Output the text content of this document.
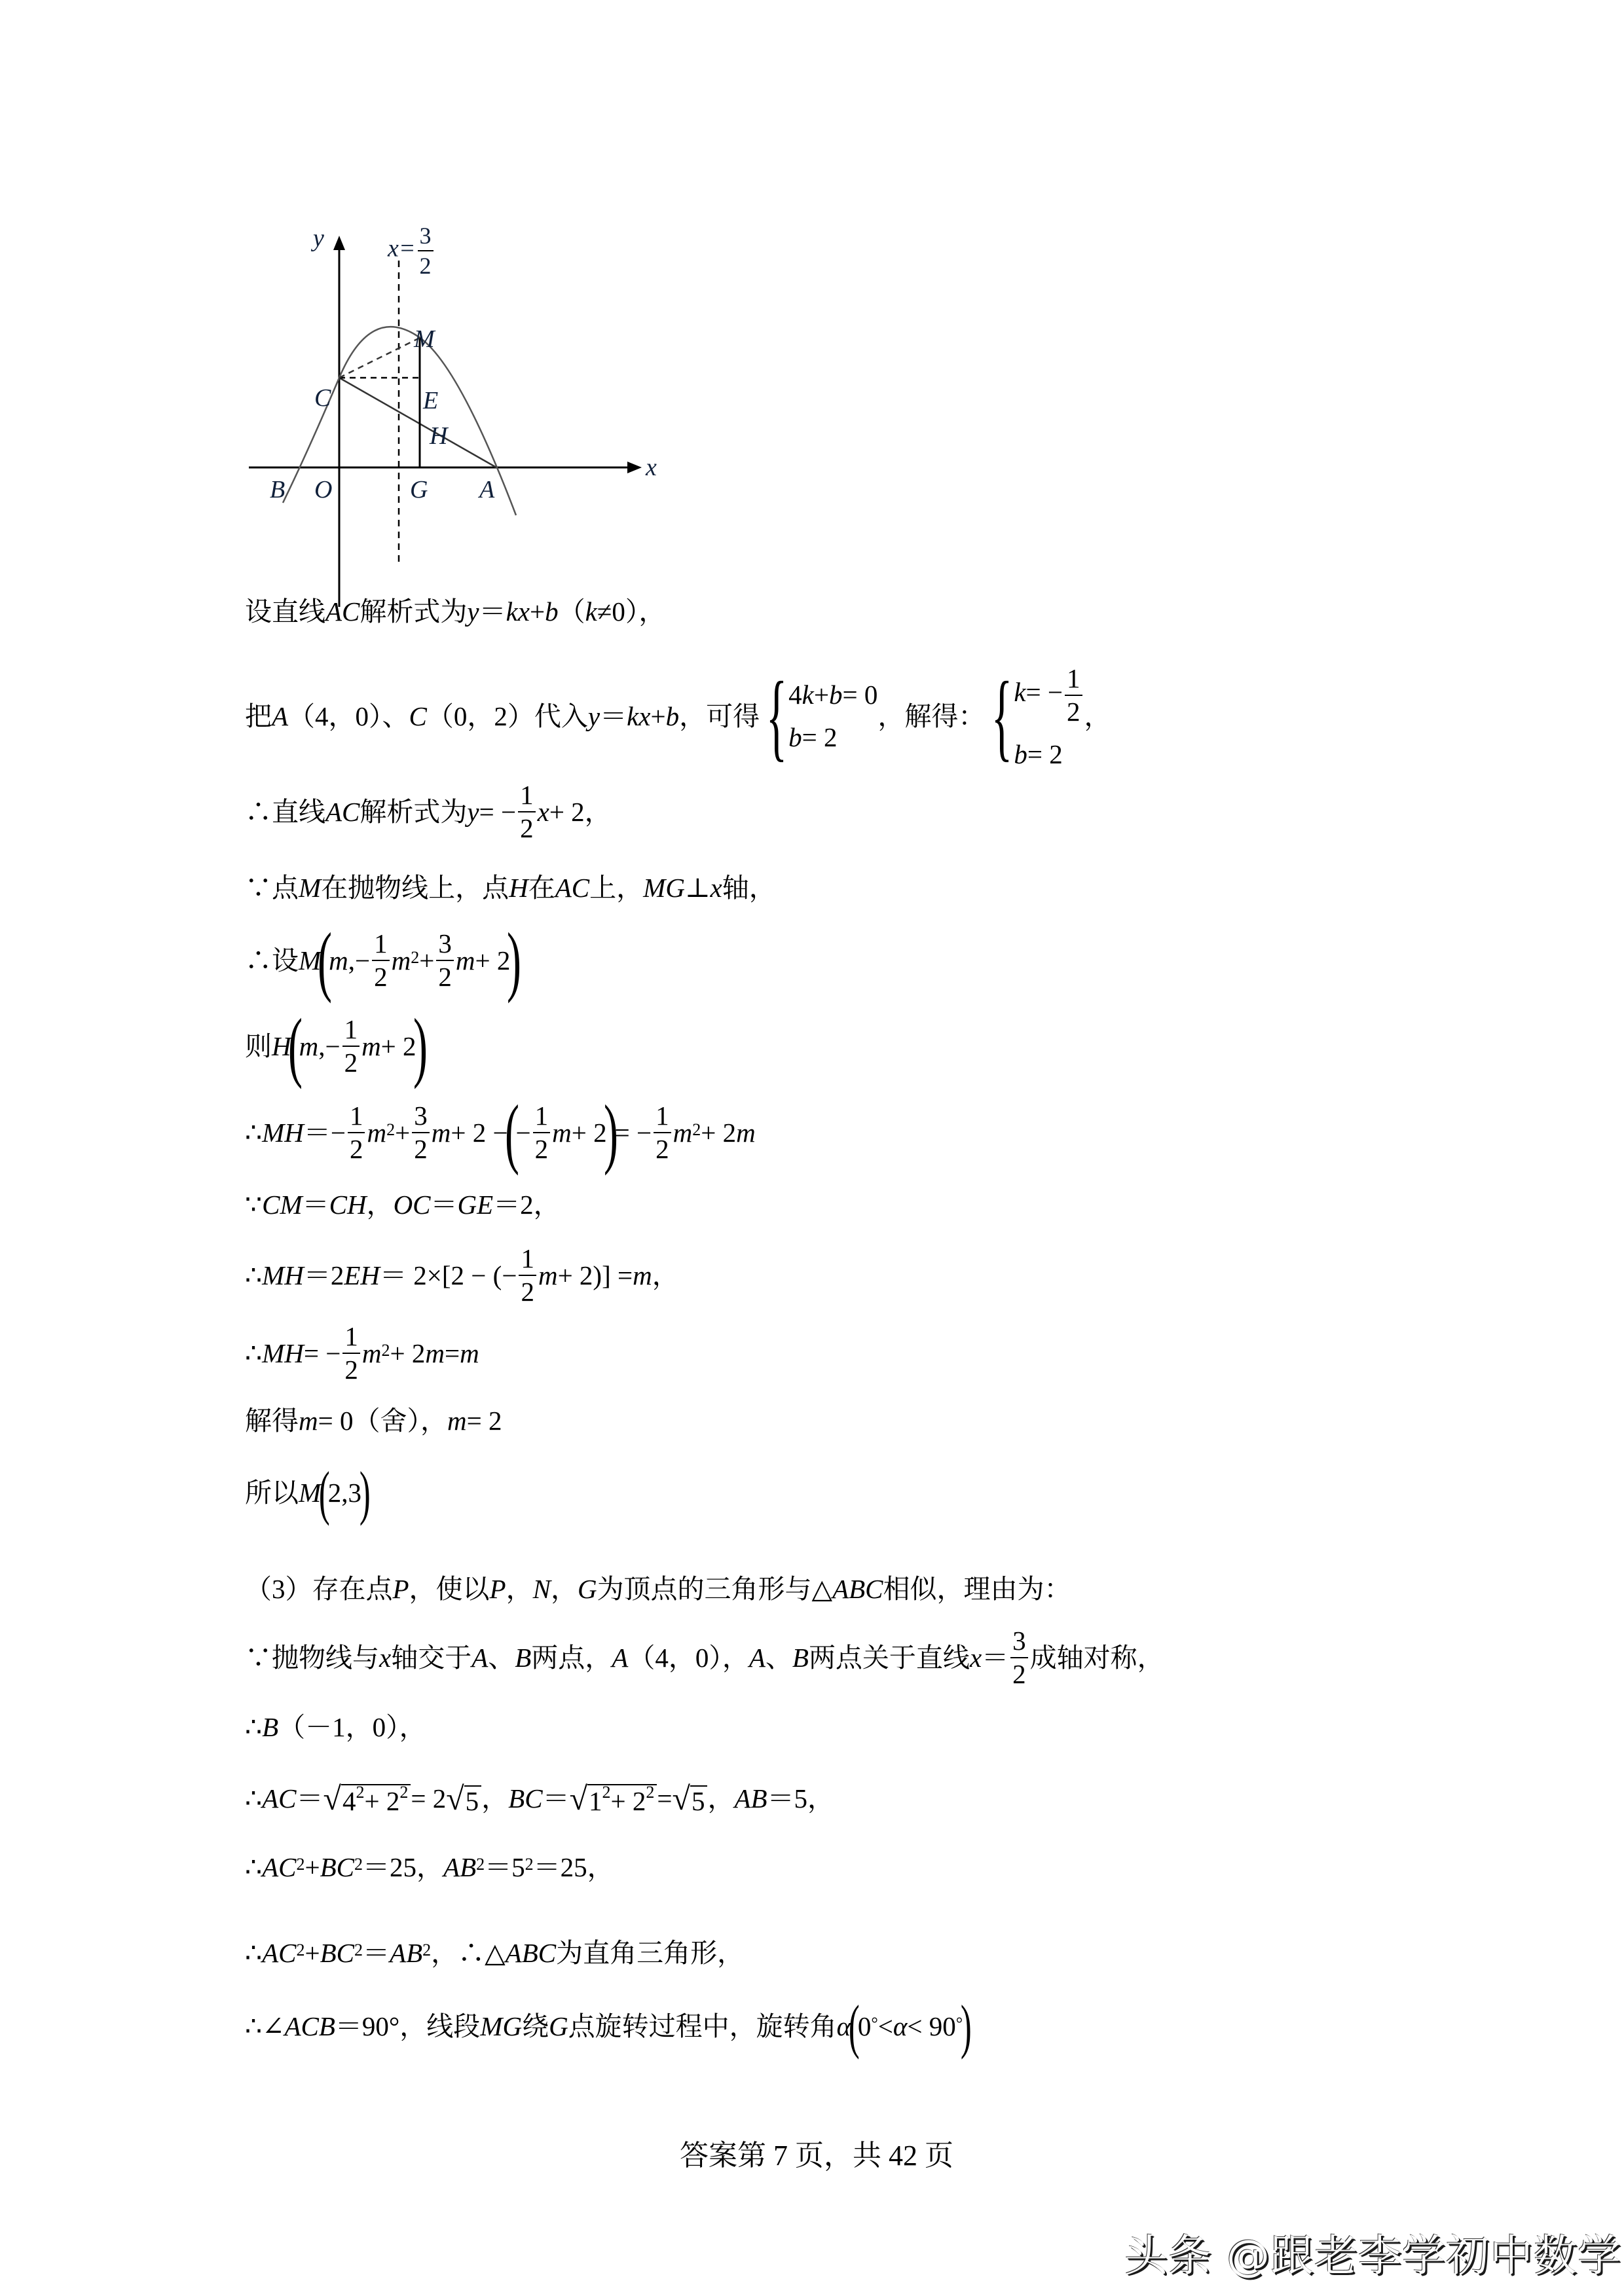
y
x
$x= \frac{3}{2}$
M
C	E
H
B O	G A
设直线 AC 解析式为 y ＝ kx + b （ k ≠0），
把 A （4，0）、 C （0，2）代入 y ＝ kx + b ，可得 { 4k+b= 0
b= 2
，解得： { $k= - \frac{1}{2}$
b= 2
，
∴直线 AC 解析式为 y = − $\frac{1}{2}$ x + 2，
∵点 M 在抛物线上，点 H 在 AC 上， MG ⊥ x 轴，
∴设 M
(
m ,− $\frac{1}{2}$ m $2 + \frac{3}{2}$ m + 2
)
则 H
(
m ,− $\frac{1}{2}$ m + 2
)
∴ MH ＝− $\frac{1}{2}$ m $2 + \frac{3}{2}$ m + 2 −
(
− $\frac{1}{2}$ m + 2
)
= − $\frac{1}{2}$ m 2 + 2 m
∵ CM ＝ CH ， OC ＝ GE ＝2，
∴ MH ＝2 EH ＝ 2×[2 − (− $\frac{1}{2}$ m + 2)] = m ，
∴ MH = − $\frac{1}{2}$ m 2 + 2 m = m
解得 m = 0（舍）， m = 2
所以 M
(
2,3
)
（3）存在点 P ，使以 P ， N ， G 为顶点的三角形与△ ABC 相似，理由为：
∵抛物线与 x 轴交于 A 、 B 两点， A （4，0）， A 、 B 两点关于直线 $x = \frac{3}{2}$ 成轴对称，
∴ B （－1，0），
∴ AC ＝ √ $4^2+ 2^2 = 2$ √ 5 ， BC ＝ √ $1^2+ 2^2$ = √ 5 ， AB ＝5，
∴ AC 2 + BC 2 ＝25， AB 2 ＝5 2 ＝25，
∴ AC 2 + BC 2 ＝ AB 2 ，∴△ ABC 为直角三角形，
∴∠ ACB ＝90°，线段 MG 绕 G 点旋转过程中，旋转角 α
(
0 ° < α < 90 °
)
答案第 7 页，共 42 页
头条 @跟老李学初中数学
